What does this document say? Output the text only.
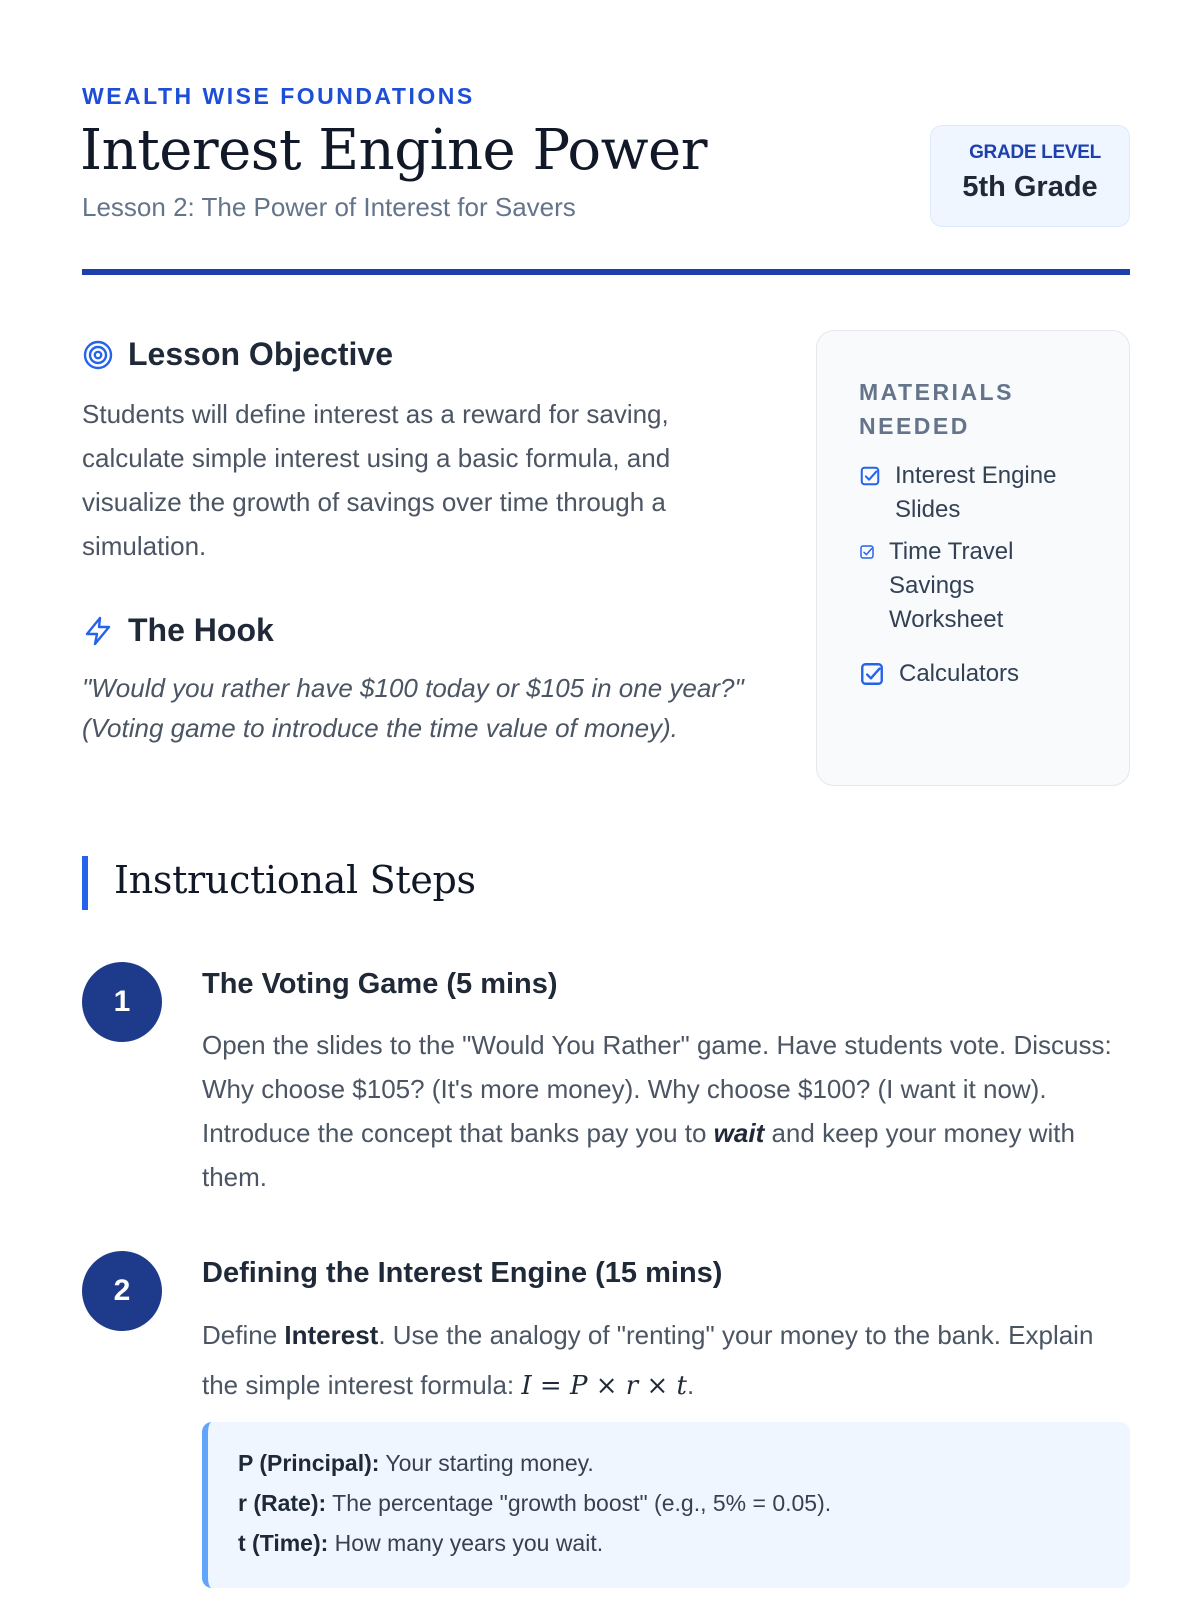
WEALTH WISE FOUNDATIONS
Interest Engine Power
Lesson 2: The Power of Interest for Savers
GRADE LEVEL
5th Grade
Lesson Objective
Students will define interest as a reward for saving, calculate simple interest using a basic formula, and visualize the growth of savings over time through a simulation.
The Hook
"Would you rather have $100 today or $105 in one year?" (Voting game to introduce the time value of money).
MATERIALS NEEDED
Interest Engine Slides
Time Travel Savings Worksheet
Calculators
Instructional Steps
1
The Voting Game (5 mins)
Open the slides to the "Would You Rather" game. Have students vote. Discuss: Why choose $105? (It's more money). Why choose $100? (I want it now). Introduce the concept that banks pay you to wait and keep your money with them.
2
Defining the Interest Engine (15 mins)
Define Interest. Use the analogy of "renting" your money to the bank. Explain the simple interest formula: I = P × r × t.
P (Principal): Your starting money.
r (Rate): The percentage "growth boost" (e.g., 5% = 0.05).
t (Time): How many years you wait.
